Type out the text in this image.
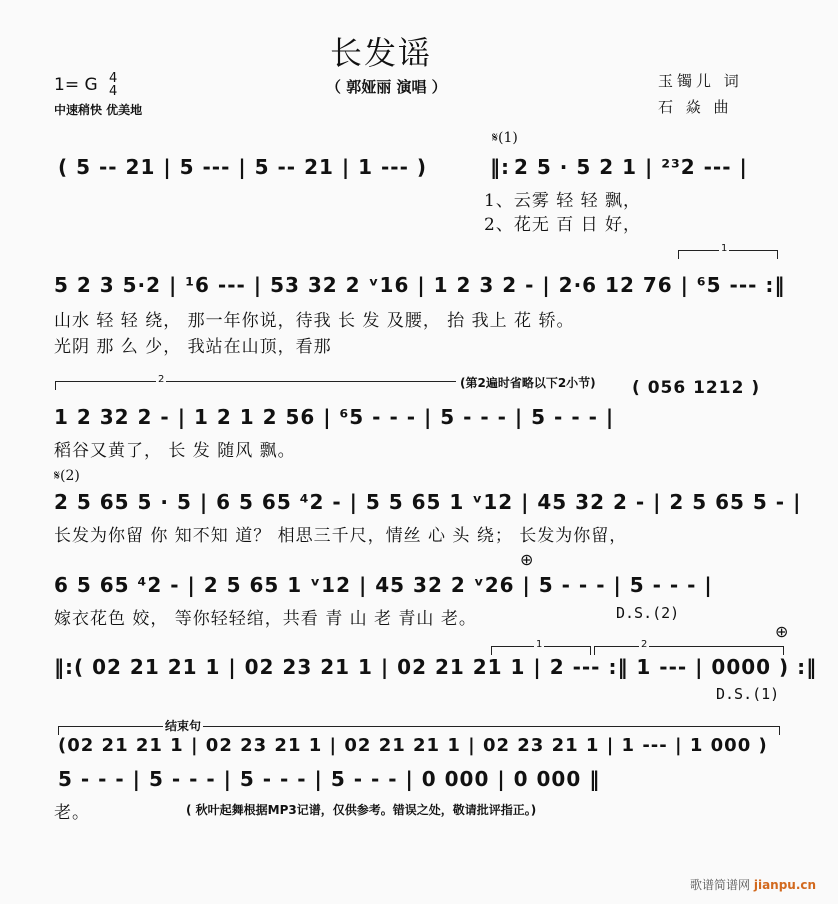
长发谣
（ 郭娅丽 演唱 ）
1= G 4
4
中速稍快 优美地
玉镯儿 词
石 焱 曲
𝄋(1)
( 5 -- 21 | 5 --- | 5 -- 21 | 1 --- )	‖: 2 5 · 5 2 1 | ²³2 --- |
1、云雾 轻 轻 飘，
2、花无 百 日 好，
1
5 2 3 5·2 | ¹6 --- | 53 32 2 ᵛ16 | 1 2 3 2 - | 2·6 12 76 | ⁶5 --- :‖
山水 轻 轻 绕， 那一年你说，待我 长 发 及腰， 抬 我上 花 轿。
光阴 那 么 少， 我站在山顶，看那
2	(第2遍时省略以下2小节) ( 056 1212 )
1 2 32 2 - | 1 2 1 2 56 | ⁶5 - - - | 5 - - - | 5 - - - |
稻谷又黄了， 长 发 随风 飘。
𝄋(2)
2 5 65 5 · 5 | 6 5 65 ⁴2 - | 5 5 65 1 ᵛ12 | 45 32 2 - | 2 5 65 5 - |
长发为你留 你 知不知 道？ 相思三千尺，情丝 心 头 绕； 长发为你留，
⊕
6 5 65 ⁴2 - | 2 5 65 1 ᵛ12 | 45 32 2 ᵛ26 | 5 - - - | 5 - - - |
嫁衣花色 姣， 等你轻轻绾，共看 青 山 老 青山 老。	D.S.(2)
1	2
⊕
‖:( 02 21 21 1 | 02 23 21 1 | 02 21 21 1 | 2 --- :‖ 1 --- | 0000 ) :‖
D.S.(1)
结束句
(02 21 21 1 | 02 23 21 1 | 02 21 21 1 | 02 23 21 1 | 1 --- | 1 000 )
5 - - - | 5 - - - | 5 - - - | 5 - - - | 0 000 | 0 000 ‖
老。	( 秋叶起舞根据MP3记谱，仅供参考。错误之处，敬请批评指正。)
歌谱简谱网 jianpu.cn
